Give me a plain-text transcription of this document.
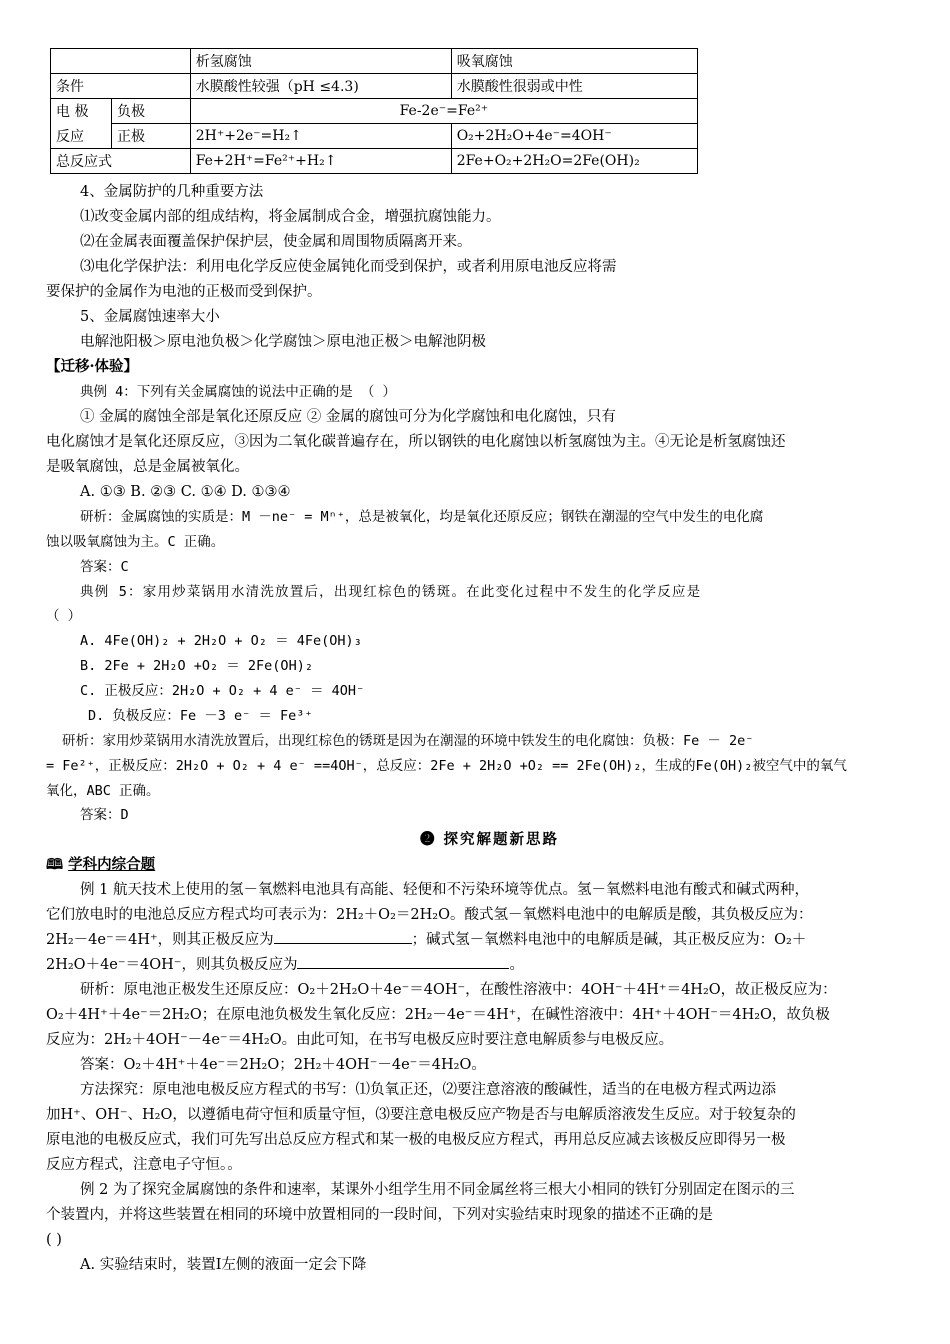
		析氢腐蚀	吸氧腐蚀
条件		水膜酸性较强（pH ≤4.3)	水膜酸性很弱或中性
电 极	负极	Fe-2e⁻=Fe²⁺	
反应	正极	2H⁺+2e⁻=H₂↑	O₂+2H₂O+4e⁻=4OH⁻
总反应式		Fe+2H⁺=Fe²⁺+H₂↑	2Fe+O₂+2H₂O=2Fe(OH)₂
4、金属防护的几种重要方法
⑴改变金属内部的组成结构，将金属制成合金，增强抗腐蚀能力。
⑵在金属表面覆盖保护保护层，使金属和周围物质隔离开来。
⑶电化学保护法：利用电化学反应使金属钝化而受到保护，或者利用原电池反应将需
要保护的金属作为电池的正极而受到保护。
5、金属腐蚀速率大小
电解池阳极＞原电池负极＞化学腐蚀＞原电池正极＞电解池阴极
【迁移·体验】
典例 4：下列有关金属腐蚀的说法中正确的是 （ ）
① 金属的腐蚀全部是氧化还原反应 ② 金属的腐蚀可分为化学腐蚀和电化腐蚀，只有
电化腐蚀才是氧化还原反应，③因为二氧化碳普遍存在，所以钢铁的电化腐蚀以析氢腐蚀为主。④无论是析氢腐蚀还
是吸氧腐蚀，总是金属被氧化。
A. ①③ B. ②③ C. ①④ D. ①③④
研析：金属腐蚀的实质是：M －ne⁻ = Mⁿ⁺，总是被氧化，均是氧化还原反应；钢铁在潮湿的空气中发生的电化腐
蚀以吸氧腐蚀为主。C 正确。
答案：C
典例 5：家用炒菜锅用水清洗放置后，出现红棕色的锈斑。在此变化过程中不发生的化学反应是
（ ）
A. 4Fe(OH)₂ + 2H₂O + O₂ ＝ 4Fe(OH)₃
B. 2Fe + 2H₂O +O₂ ＝ 2Fe(OH)₂
C. 正极反应：2H₂O + O₂ + 4 e⁻ ＝ 4OH⁻
D. 负极反应：Fe －3 e⁻ ＝ Fe³⁺
研析：家用炒菜锅用水清洗放置后，出现红棕色的锈斑是因为在潮湿的环境中铁发生的电化腐蚀：负极：Fe － 2e⁻
= Fe²⁺，正极反应：2H₂O + O₂ + 4 e⁻ ==4OH⁻，总反应：2Fe + 2H₂O +O₂ == 2Fe(OH)₂，生成的Fe(OH)₂被空气中的氧气
氧化，ABC 正确。
答案：D
❷ 探究解题新思路
🕮 学科内综合题
例 1 航天技术上使用的氢－氧燃料电池具有高能、轻便和不污染环境等优点。氢－氧燃料电池有酸式和碱式两种，
它们放电时的电池总反应方程式均可表示为：2H₂＋O₂＝2H₂O。酸式氢－氧燃料电池中的电解质是酸，其负极反应为：
2H₂－4e⁻＝4H⁺，则其正极反应为	；碱式氢－氧燃料电池中的电解质是碱，其正极反应为：O₂＋
2H₂O＋4e⁻＝4OH⁻，则其负极反应为	。
研析：原电池正极发生还原反应：O₂＋2H₂O＋4e⁻＝4OH⁻，在酸性溶液中：4OH⁻＋4H⁺＝4H₂O，故正极反应为：
O₂＋4H⁺＋4e⁻＝2H₂O；在原电池负极发生氧化反应：2H₂－4e⁻＝4H⁺，在碱性溶液中：4H⁺＋4OH⁻＝4H₂O，故负极
反应为：2H₂＋4OH⁻－4e⁻＝4H₂O。由此可知，在书写电极反应时要注意电解质参与电极反应。
答案：O₂＋4H⁺＋4e⁻＝2H₂O；2H₂＋4OH⁻－4e⁻＝4H₂O。
方法探究：原电池电极反应方程式的书写：⑴负氧正还，⑵要注意溶液的酸碱性，适当的在电极方程式两边添
加H⁺、OH⁻、H₂O，以遵循电荷守恒和质量守恒，⑶要注意电极反应产物是否与电解质溶液发生反应。对于较复杂的
原电池的电极反应式，我们可先写出总反应方程式和某一极的电极反应方程式，再用总反应减去该极反应即得另一极
反应方程式，注意电子守恒。。
例 2 为了探究金属腐蚀的条件和速率，某课外小组学生用不同金属丝将三根大小相同的铁钉分别固定在图示的三
个装置内，并将这些装置在相同的环境中放置相同的一段时间，下列对实验结束时现象的描述不正确的是
( )
A. 实验结束时，装置Ⅰ左侧的液面一定会下降
